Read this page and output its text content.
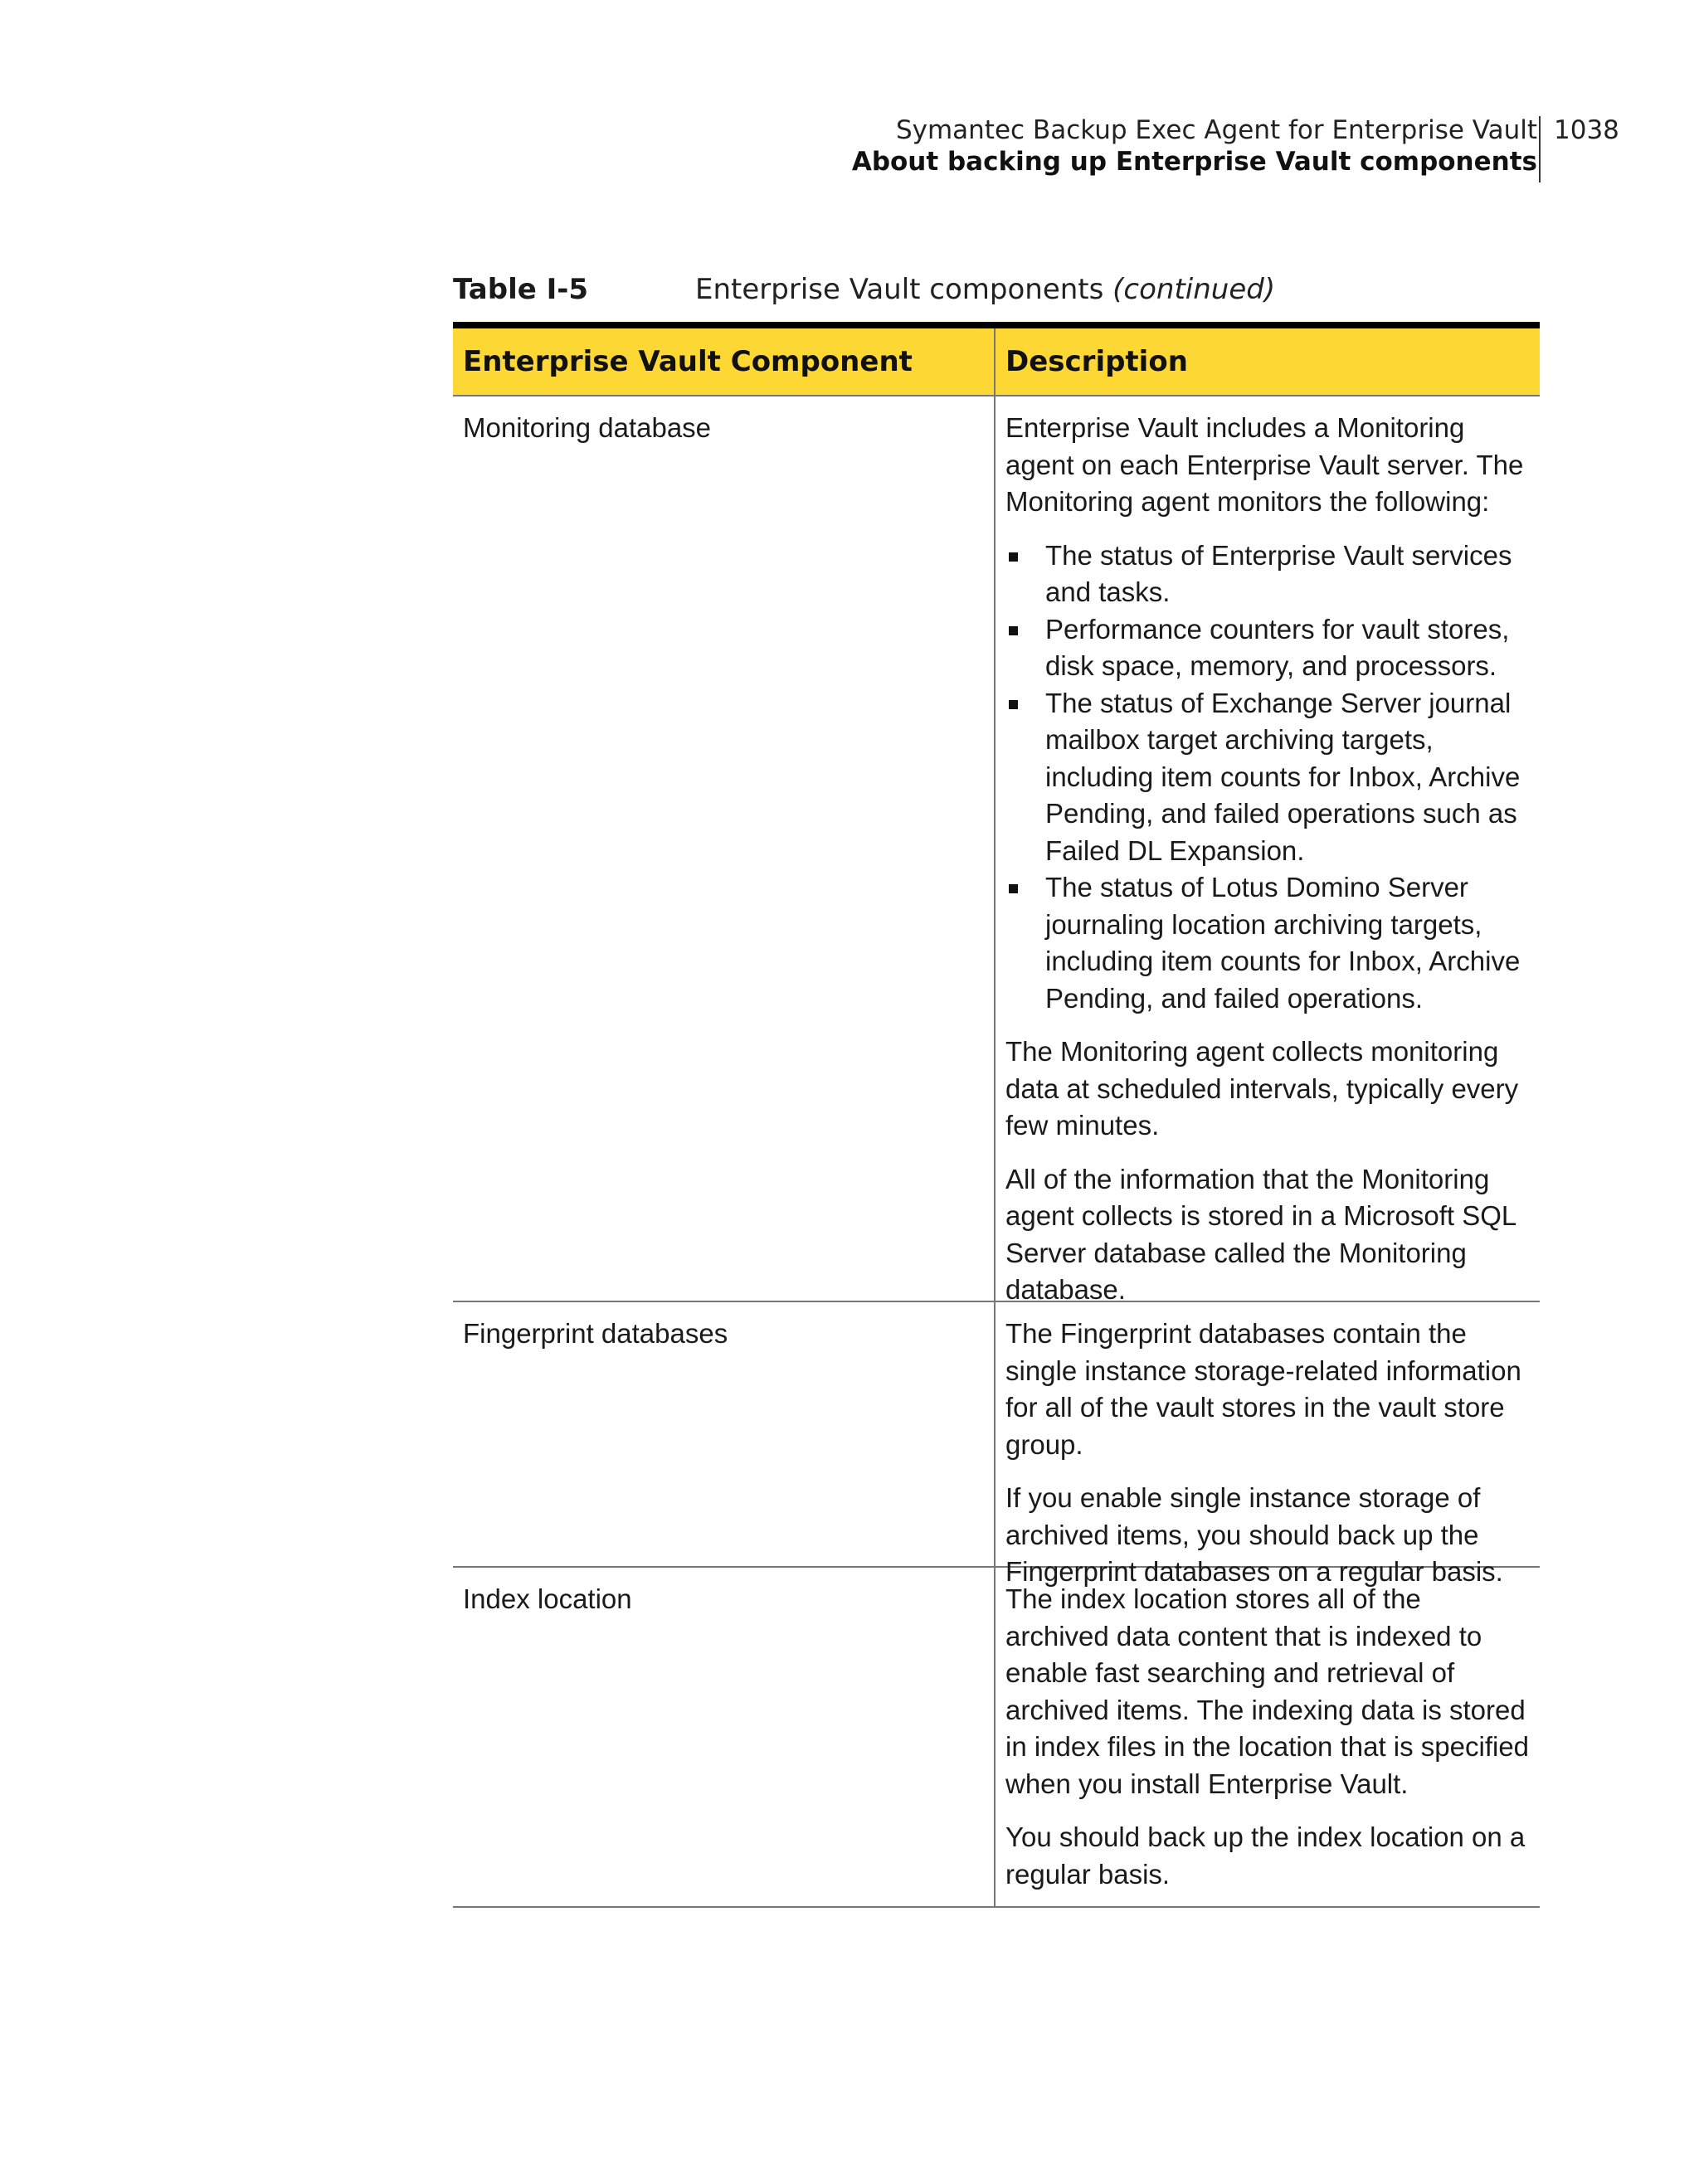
Symantec Backup Exec Agent for Enterprise Vault
About backing up Enterprise Vault components
1038
Table I-5	Enterprise Vault components (continued)
Enterprise Vault Component	Description
Monitoring database	Enterprise Vault includes a Monitoring agent on each Enterprise Vault server. The Monitoring agent monitors the following:

The status of Enterprise Vault services and tasks.
Performance counters for vault stores, disk space, memory, and processors.
The status of Exchange Server journal mailbox target archiving targets, including item counts for Inbox, Archive Pending, and failed operations such as Failed DL Expansion.
The status of Lotus Domino Server journaling location archiving targets, including item counts for Inbox, Archive Pending, and failed operations.

The Monitoring agent collects monitoring data at scheduled intervals, typically every few minutes.

All of the information that the Monitoring agent collects is stored in a Microsoft SQL Server database called the Monitoring database.

Fingerprint databases	The Fingerprint databases contain the single instance storage-related information for all of the vault stores in the vault store group.

If you enable single instance storage of archived items, you should back up the Fingerprint databases on a regular basis.

Index location	The index location stores all of the archived data content that is indexed to enable fast searching and retrieval of archived items. The indexing data is stored in index files in the location that is specified when you install Enterprise Vault.

You should back up the index location on a regular basis.
